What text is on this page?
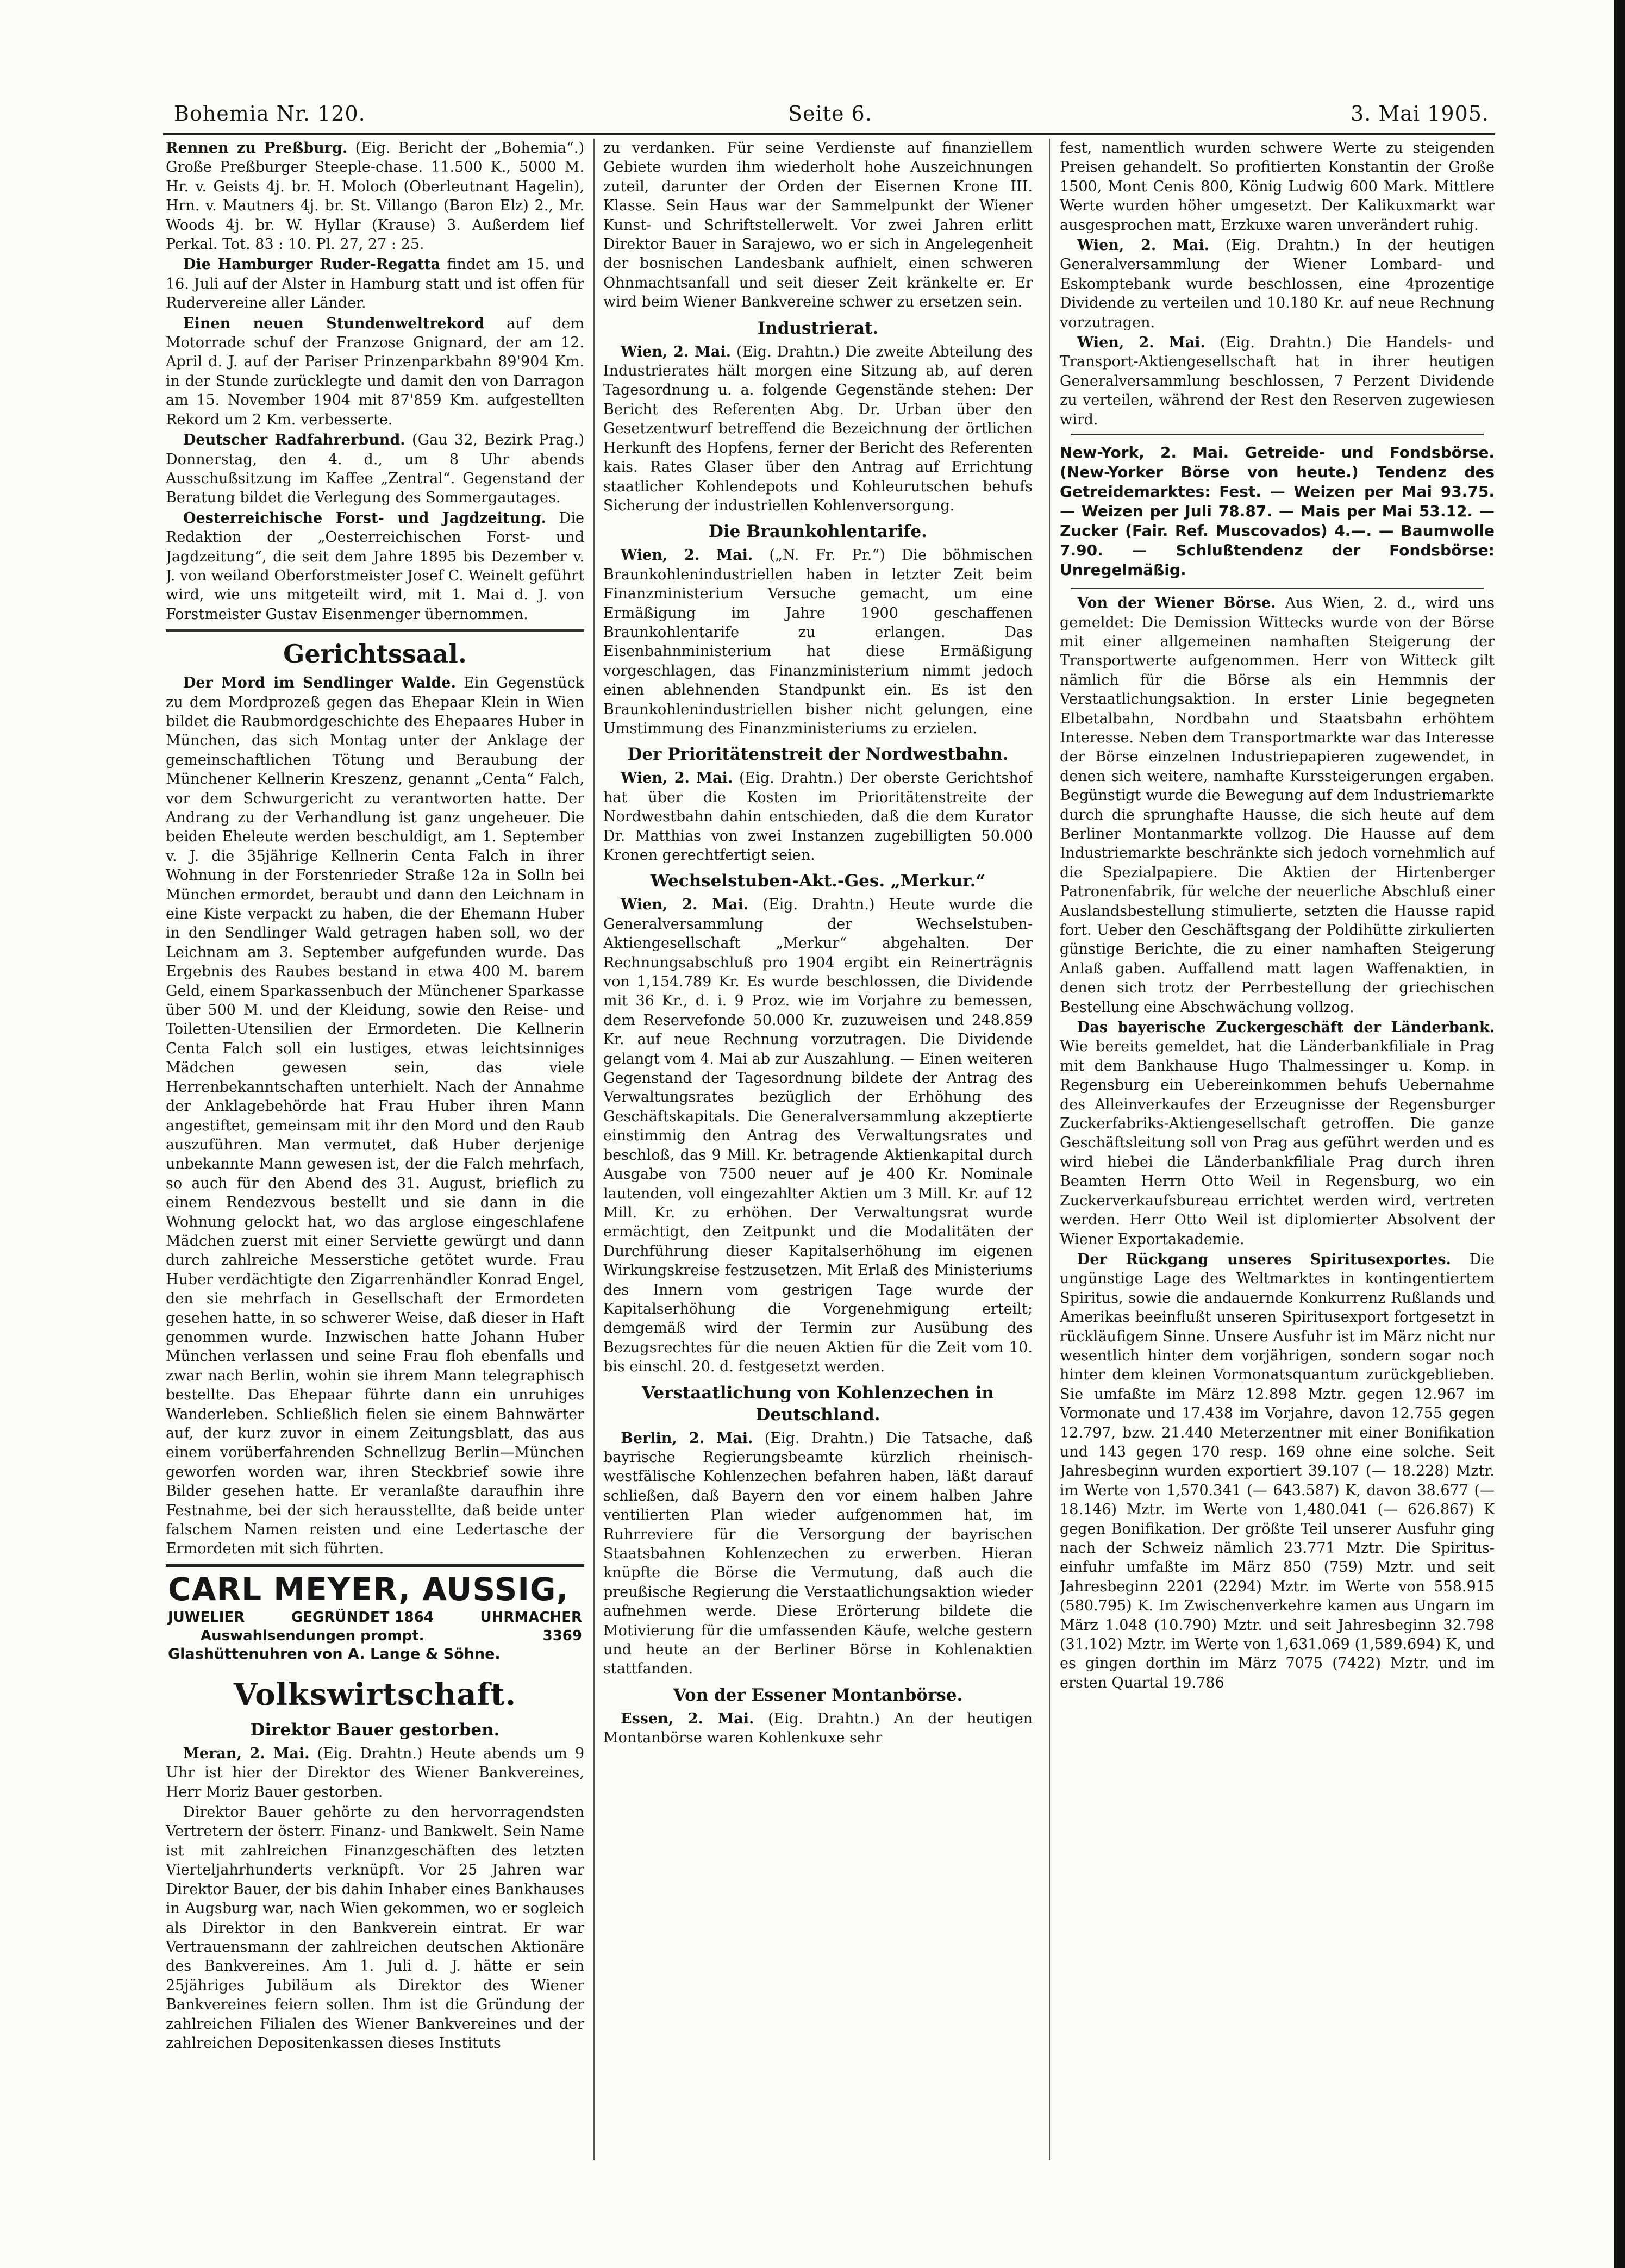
Bohemia Nr. 120.	Seite 6.	3. Mai 1905.

Rennen zu Preßburg. (Eig. Bericht der „Bohemia“.) Große Preßburger Steeple-chase. 11.500 K., 5000 M. Hr. v. Geists 4j. br. H. Moloch (Oberleutnant Hagelin), Hrn. v. Mautners 4j. br. St. Villango (Baron Elz) 2., Mr. Woods 4j. br. W. Hyllar (Krause) 3. Außerdem lief Perkal. Tot. 83 : 10. Pl. 27, 27 : 25.

Die Hamburger Ruder-Regatta findet am 15. und 16. Juli auf der Alster in Hamburg statt und ist offen für Rudervereine aller Länder.

Einen neuen Stundenweltrekord auf dem Motorrade schuf der Franzose Gnignard, der am 12. April d. J. auf der Pariser Prinzenparkbahn 89'904 Km. in der Stunde zurücklegte und damit den von Darragon am 15. November 1904 mit 87'859 Km. aufgestellten Rekord um 2 Km. verbesserte.

Deutscher Radfahrerbund. (Gau 32, Bezirk Prag.) Donnerstag, den 4. d., um 8 Uhr abends Ausschußsitzung im Kaffee „Zentral“. Gegenstand der Beratung bildet die Verlegung des Sommergautages.

Oesterreichische Forst- und Jagdzeitung. Die Redaktion der „Oesterreichischen Forst- und Jagdzeitung“, die seit dem Jahre 1895 bis Dezember v. J. von weiland Oberforstmeister Josef C. Weinelt geführt wird, wie uns mitgeteilt wird, mit 1. Mai d. J. von Forstmeister Gustav Eisenmenger übernommen.

Gerichtssaal.

Der Mord im Sendlinger Walde. Ein Gegenstück zu dem Mordprozeß gegen das Ehepaar Klein in Wien bildet die Raubmordgeschichte des Ehepaares Huber in München, das sich Montag unter der Anklage der gemeinschaftlichen Tötung und Beraubung der Münchener Kellnerin Kreszenz, genannt „Centa“ Falch, vor dem Schwurgericht zu verantworten hatte. Der Andrang zu der Verhandlung ist ganz ungeheuer. Die beiden Eheleute werden beschuldigt, am 1. September v. J. die 35jährige Kellnerin Centa Falch in ihrer Wohnung in der Forstenrieder Straße 12a in Solln bei München ermordet, beraubt und dann den Leichnam in eine Kiste verpackt zu haben, die der Ehemann Huber in den Sendlinger Wald getragen haben soll, wo der Leichnam am 3. September aufgefunden wurde. Das Ergebnis des Raubes bestand in etwa 400 M. barem Geld, einem Sparkassenbuch der Münchener Sparkasse über 500 M. und der Kleidung, sowie den Reise- und Toiletten-Utensilien der Ermordeten. Die Kellnerin Centa Falch soll ein lustiges, etwas leichtsinniges Mädchen gewesen sein, das viele Herrenbekanntschaften unterhielt. Nach der Annahme der Anklagebehörde hat Frau Huber ihren Mann angestiftet, gemeinsam mit ihr den Mord und den Raub auszuführen. Man vermutet, daß Huber derjenige unbekannte Mann gewesen ist, der die Falch mehrfach, so auch für den Abend des 31. August, brieflich zu einem Rendezvous bestellt und sie dann in die Wohnung gelockt hat, wo das arglose eingeschlafene Mädchen zuerst mit einer Serviette gewürgt und dann durch zahlreiche Messerstiche getötet wurde. Frau Huber verdächtigte den Zigarrenhändler Konrad Engel, den sie mehrfach in Gesellschaft der Ermordeten gesehen hatte, in so schwerer Weise, daß dieser in Haft genommen wurde. Inzwischen hatte Johann Huber München verlassen und seine Frau floh ebenfalls und zwar nach Berlin, wohin sie ihrem Mann telegraphisch bestellte. Das Ehepaar führte dann ein unruhiges Wanderleben. Schließlich fielen sie einem Bahnwärter auf, der kurz zuvor in einem Zeitungsblatt, das aus einem vorüberfahrenden Schnellzug Berlin—München geworfen worden war, ihren Steckbrief sowie ihre Bilder gesehen hatte. Er veranlaßte daraufhin ihre Festnahme, bei der sich herausstellte, daß beide unter falschem Namen reisten und eine Ledertasche der Ermordeten mit sich führten.

CARL MEYER, AUSSIG,
JUWELIER	GEGRÜNDET 1864	UHRMACHER
Auswahlsendungen prompt.	3369
Glashüttenuhren von A. Lange & Söhne.
Volkswirtschaft.
Direktor Bauer gestorben.

Meran, 2. Mai. (Eig. Drahtn.) Heute abends um 9 Uhr ist hier der Direktor des Wiener Bankvereines, Herr Moriz Bauer gestorben.

Direktor Bauer gehörte zu den hervorragendsten Vertretern der österr. Finanz- und Bankwelt. Sein Name ist mit zahlreichen Finanzgeschäften des letzten Vierteljahrhunderts verknüpft. Vor 25 Jahren war Direktor Bauer, der bis dahin Inhaber eines Bankhauses in Augsburg war, nach Wien gekommen, wo er sogleich als Direktor in den Bankverein eintrat. Er war Vertrauensmann der zahlreichen deutschen Aktionäre des Bankvereines. Am 1. Juli d. J. hätte er sein 25jähriges Jubiläum als Direktor des Wiener Bankvereines feiern sollen. Ihm ist die Gründung der zahlreichen Filialen des Wiener Bankvereines und der zahlreichen Depositenkassen dieses Instituts

zu verdanken. Für seine Verdienste auf finanziellem Gebiete wurden ihm wiederholt hohe Auszeichnungen zuteil, darunter der Orden der Eisernen Krone III. Klasse. Sein Haus war der Sammelpunkt der Wiener Kunst- und Schriftstellerwelt. Vor zwei Jahren erlitt Direktor Bauer in Sarajewo, wo er sich in Angelegenheit der bosnischen Landesbank aufhielt, einen schweren Ohnmachtsanfall und seit dieser Zeit kränkelte er. Er wird beim Wiener Bankvereine schwer zu ersetzen sein.

Industrierat.

Wien, 2. Mai. (Eig. Drahtn.) Die zweite Abteilung des Industrierates hält morgen eine Sitzung ab, auf deren Tagesordnung u. a. folgende Gegenstände stehen: Der Bericht des Referenten Abg. Dr. Urban über den Gesetzentwurf betreffend die Bezeichnung der örtlichen Herkunft des Hopfens, ferner der Bericht des Referenten kais. Rates Glaser über den Antrag auf Errichtung staatlicher Kohlendepots und Kohleurutschen behufs Sicherung der industriellen Kohlenversorgung.

Die Braunkohlentarife.

Wien, 2. Mai. („N. Fr. Pr.“) Die böhmischen Braunkohlenindustriellen haben in letzter Zeit beim Finanzministerium Versuche gemacht, um eine Ermäßigung im Jahre 1900 geschaffenen Braunkohlentarife zu erlangen. Das Eisenbahnministerium hat diese Ermäßigung vorgeschlagen, das Finanzministerium nimmt jedoch einen ablehnenden Standpunkt ein. Es ist den Braunkohlenindustriellen bisher nicht gelungen, eine Umstimmung des Finanzministeriums zu erzielen.

Der Prioritätenstreit der Nordwestbahn.

Wien, 2. Mai. (Eig. Drahtn.) Der oberste Gerichtshof hat über die Kosten im Prioritätenstreite der Nordwestbahn dahin entschieden, daß die dem Kurator Dr. Matthias von zwei Instanzen zugebilligten 50.000 Kronen gerechtfertigt seien.

Wechselstuben-Akt.-Ges. „Merkur.“

Wien, 2. Mai. (Eig. Drahtn.) Heute wurde die Generalversammlung der Wechselstuben-Aktiengesellschaft „Merkur“ abgehalten. Der Rechnungsabschluß pro 1904 ergibt ein Reinerträgnis von 1,154.789 Kr. Es wurde beschlossen, die Dividende mit 36 Kr., d. i. 9 Proz. wie im Vorjahre zu bemessen, dem Reservefonde 50.000 Kr. zuzuweisen und 248.859 Kr. auf neue Rechnung vorzutragen. Die Dividende gelangt vom 4. Mai ab zur Auszahlung. — Einen weiteren Gegenstand der Tagesordnung bildete der Antrag des Verwaltungsrates bezüglich der Erhöhung des Geschäftskapitals. Die Generalversammlung akzeptierte einstimmig den Antrag des Verwaltungsrates und beschloß, das 9 Mill. Kr. betragende Aktienkapital durch Ausgabe von 7500 neuer auf je 400 Kr. Nominale lautenden, voll eingezahlter Aktien um 3 Mill. Kr. auf 12 Mill. Kr. zu erhöhen. Der Verwaltungsrat wurde ermächtigt, den Zeitpunkt und die Modalitäten der Durchführung dieser Kapitalserhöhung im eigenen Wirkungskreise festzusetzen. Mit Erlaß des Ministeriums des Innern vom gestrigen Tage wurde der Kapitalserhöhung die Vorgenehmigung erteilt; demgemäß wird der Termin zur Ausübung des Bezugsrechtes für die neuen Aktien für die Zeit vom 10. bis einschl. 20. d. festgesetzt werden.

Verstaatlichung von Kohlenzechen in Deutschland.

Berlin, 2. Mai. (Eig. Drahtn.) Die Tatsache, daß bayrische Regierungsbeamte kürzlich rheinisch-westfälische Kohlenzechen befahren haben, läßt darauf schließen, daß Bayern den vor einem halben Jahre ventilierten Plan wieder aufgenommen hat, im Ruhrreviere für die Versorgung der bayrischen Staatsbahnen Kohlenzechen zu erwerben. Hieran knüpfte die Börse die Vermutung, daß auch die preußische Regierung die Verstaatlichungsaktion wieder aufnehmen werde. Diese Erörterung bildete die Motivierung für die umfassenden Käufe, welche gestern und heute an der Berliner Börse in Kohlenaktien stattfanden.

Von der Essener Montanbörse.

Essen, 2. Mai. (Eig. Drahtn.) An der heutigen Montanbörse waren Kohlenkuxe sehr

fest, namentlich wurden schwere Werte zu steigenden Preisen gehandelt. So profitierten Konstantin der Große 1500, Mont Cenis 800, König Ludwig 600 Mark. Mittlere Werte wurden höher umgesetzt. Der Kalikuxmarkt war ausgesprochen matt, Erzkuxe waren unverändert ruhig.

Wien, 2. Mai. (Eig. Drahtn.) In der heutigen Generalversammlung der Wiener Lombard- und Eskomptebank wurde beschlossen, eine 4prozentige Dividende zu verteilen und 10.180 Kr. auf neue Rechnung vorzutragen.

Wien, 2. Mai. (Eig. Drahtn.) Die Handels- und Transport-Aktiengesellschaft hat in ihrer heutigen Generalversammlung beschlossen, 7 Perzent Dividende zu verteilen, während der Rest den Reserven zugewiesen wird.

New-York, 2. Mai. Getreide- und Fondsbörse. (New-Yorker Börse von heute.) Tendenz des Getreidemarktes: Fest. — Weizen per Mai 93.75. — Weizen per Juli 78.87. — Mais per Mai 53.12. — Zucker (Fair. Ref. Muscovados) 4.—. — Baumwolle 7.90. — Schlußtendenz der Fondsbörse: Unregelmäßig.

Von der Wiener Börse. Aus Wien, 2. d., wird uns gemeldet: Die Demission Wittecks wurde von der Börse mit einer allgemeinen namhaften Steigerung der Transportwerte aufgenommen. Herr von Witteck gilt nämlich für die Börse als ein Hemmnis der Verstaatlichungsaktion. In erster Linie begegneten Elbetalbahn, Nordbahn und Staatsbahn erhöhtem Interesse. Neben dem Transportmarkte war das Interesse der Börse einzelnen Industriepapieren zugewendet, in denen sich weitere, namhafte Kurssteigerungen ergaben. Begünstigt wurde die Bewegung auf dem Industriemarkte durch die sprunghafte Hausse, die sich heute auf dem Berliner Montanmarkte vollzog. Die Hausse auf dem Industriemarkte beschränkte sich jedoch vornehmlich auf die Spezialpapiere. Die Aktien der Hirtenberger Patronenfabrik, für welche der neuerliche Abschluß einer Auslandsbestellung stimulierte, setzten die Hausse rapid fort. Ueber den Geschäftsgang der Poldihütte zirkulierten günstige Berichte, die zu einer namhaften Steigerung Anlaß gaben. Auffallend matt lagen Waffenaktien, in denen sich trotz der Perrbestellung der griechischen Bestellung eine Abschwächung vollzog.

Das bayerische Zuckergeschäft der Länderbank. Wie bereits gemeldet, hat die Länderbankfiliale in Prag mit dem Bankhause Hugo Thalmessinger u. Komp. in Regensburg ein Uebereinkommen behufs Uebernahme des Alleinverkaufes der Erzeugnisse der Regensburger Zuckerfabriks-Aktiengesellschaft getroffen. Die ganze Geschäftsleitung soll von Prag aus geführt werden und es wird hiebei die Länderbankfiliale Prag durch ihren Beamten Herrn Otto Weil in Regensburg, wo ein Zuckerverkaufsbureau errichtet werden wird, vertreten werden. Herr Otto Weil ist diplomierter Absolvent der Wiener Exportakademie.

Der Rückgang unseres Spiritusexportes. Die ungünstige Lage des Weltmarktes in kontingentiertem Spiritus, sowie die andauernde Konkurrenz Rußlands und Amerikas beeinflußt unseren Spiritusexport fortgesetzt in rückläufigem Sinne. Unsere Ausfuhr ist im März nicht nur wesentlich hinter dem vorjährigen, sondern sogar noch hinter dem kleinen Vormonatsquantum zurückgeblieben. Sie umfaßte im März 12.898 Mztr. gegen 12.967 im Vormonate und 17.438 im Vorjahre, davon 12.755 gegen 12.797, bzw. 21.440 Meterzentner mit einer Bonifikation und 143 gegen 170 resp. 169 ohne eine solche. Seit Jahresbeginn wurden exportiert 39.107 (— 18.228) Mztr. im Werte von 1,570.341 (— 643.587) K, davon 38.677 (— 18.146) Mztr. im Werte von 1,480.041 (— 626.867) K gegen Bonifikation. Der größte Teil unserer Ausfuhr ging nach der Schweiz nämlich 23.771 Mztr. Die Spiritus-einfuhr umfaßte im März 850 (759) Mztr. und seit Jahresbeginn 2201 (2294) Mztr. im Werte von 558.915 (580.795) K. Im Zwischenverkehre kamen aus Ungarn im März 1.048 (10.790) Mztr. und seit Jahresbeginn 32.798 (31.102) Mztr. im Werte von 1,631.069 (1,589.694) K, und es gingen dorthin im März 7075 (7422) Mztr. und im ersten Quartal 19.786
